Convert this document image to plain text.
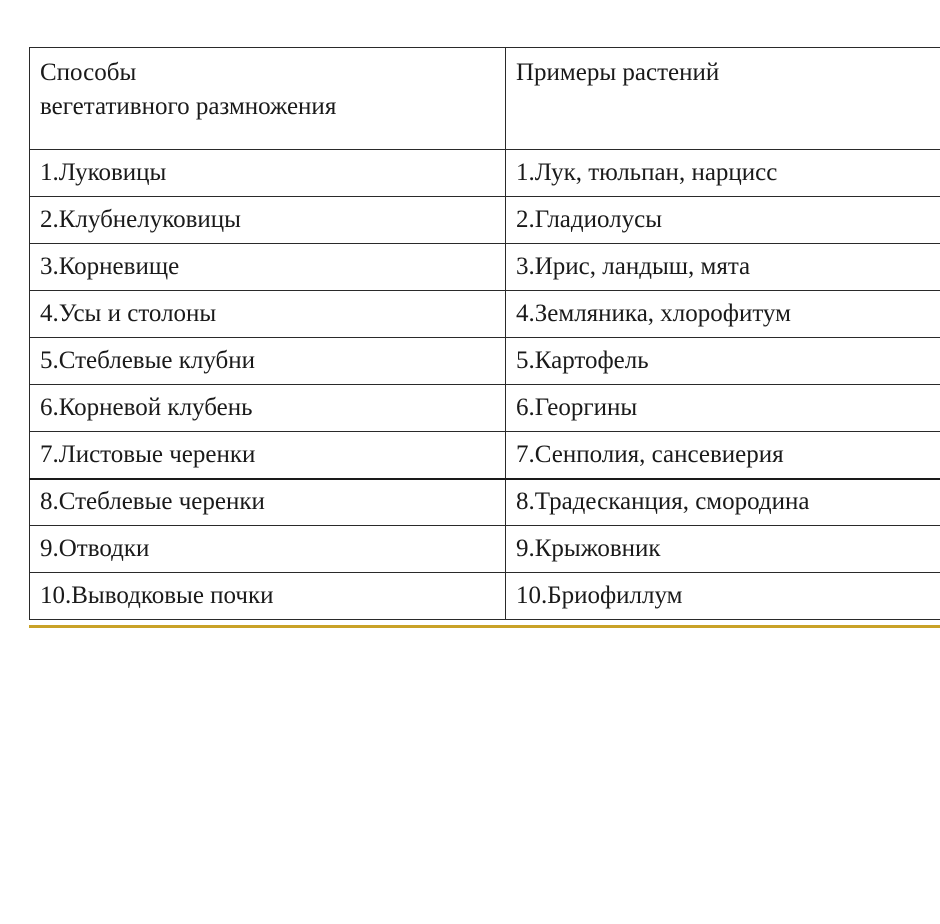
Способы
вегетативного размножения	Примеры растений
1.Луковицы	1.Лук, тюльпан, нарцисс
2.Клубнелуковицы	2.Гладиолусы
3.Корневище	3.Ирис, ландыш, мята
4.Усы и столоны	4.Земляника, хлорофитум
5.Стеблевые клубни	5.Картофель
6.Корневой клубень	6.Георгины
7.Листовые черенки	7.Сенполия, сансевиерия
8.Стеблевые черенки	8.Традесканция, смородина
9.Отводки	9.Крыжовник
10.Выводковые почки	10.Бриофиллум
